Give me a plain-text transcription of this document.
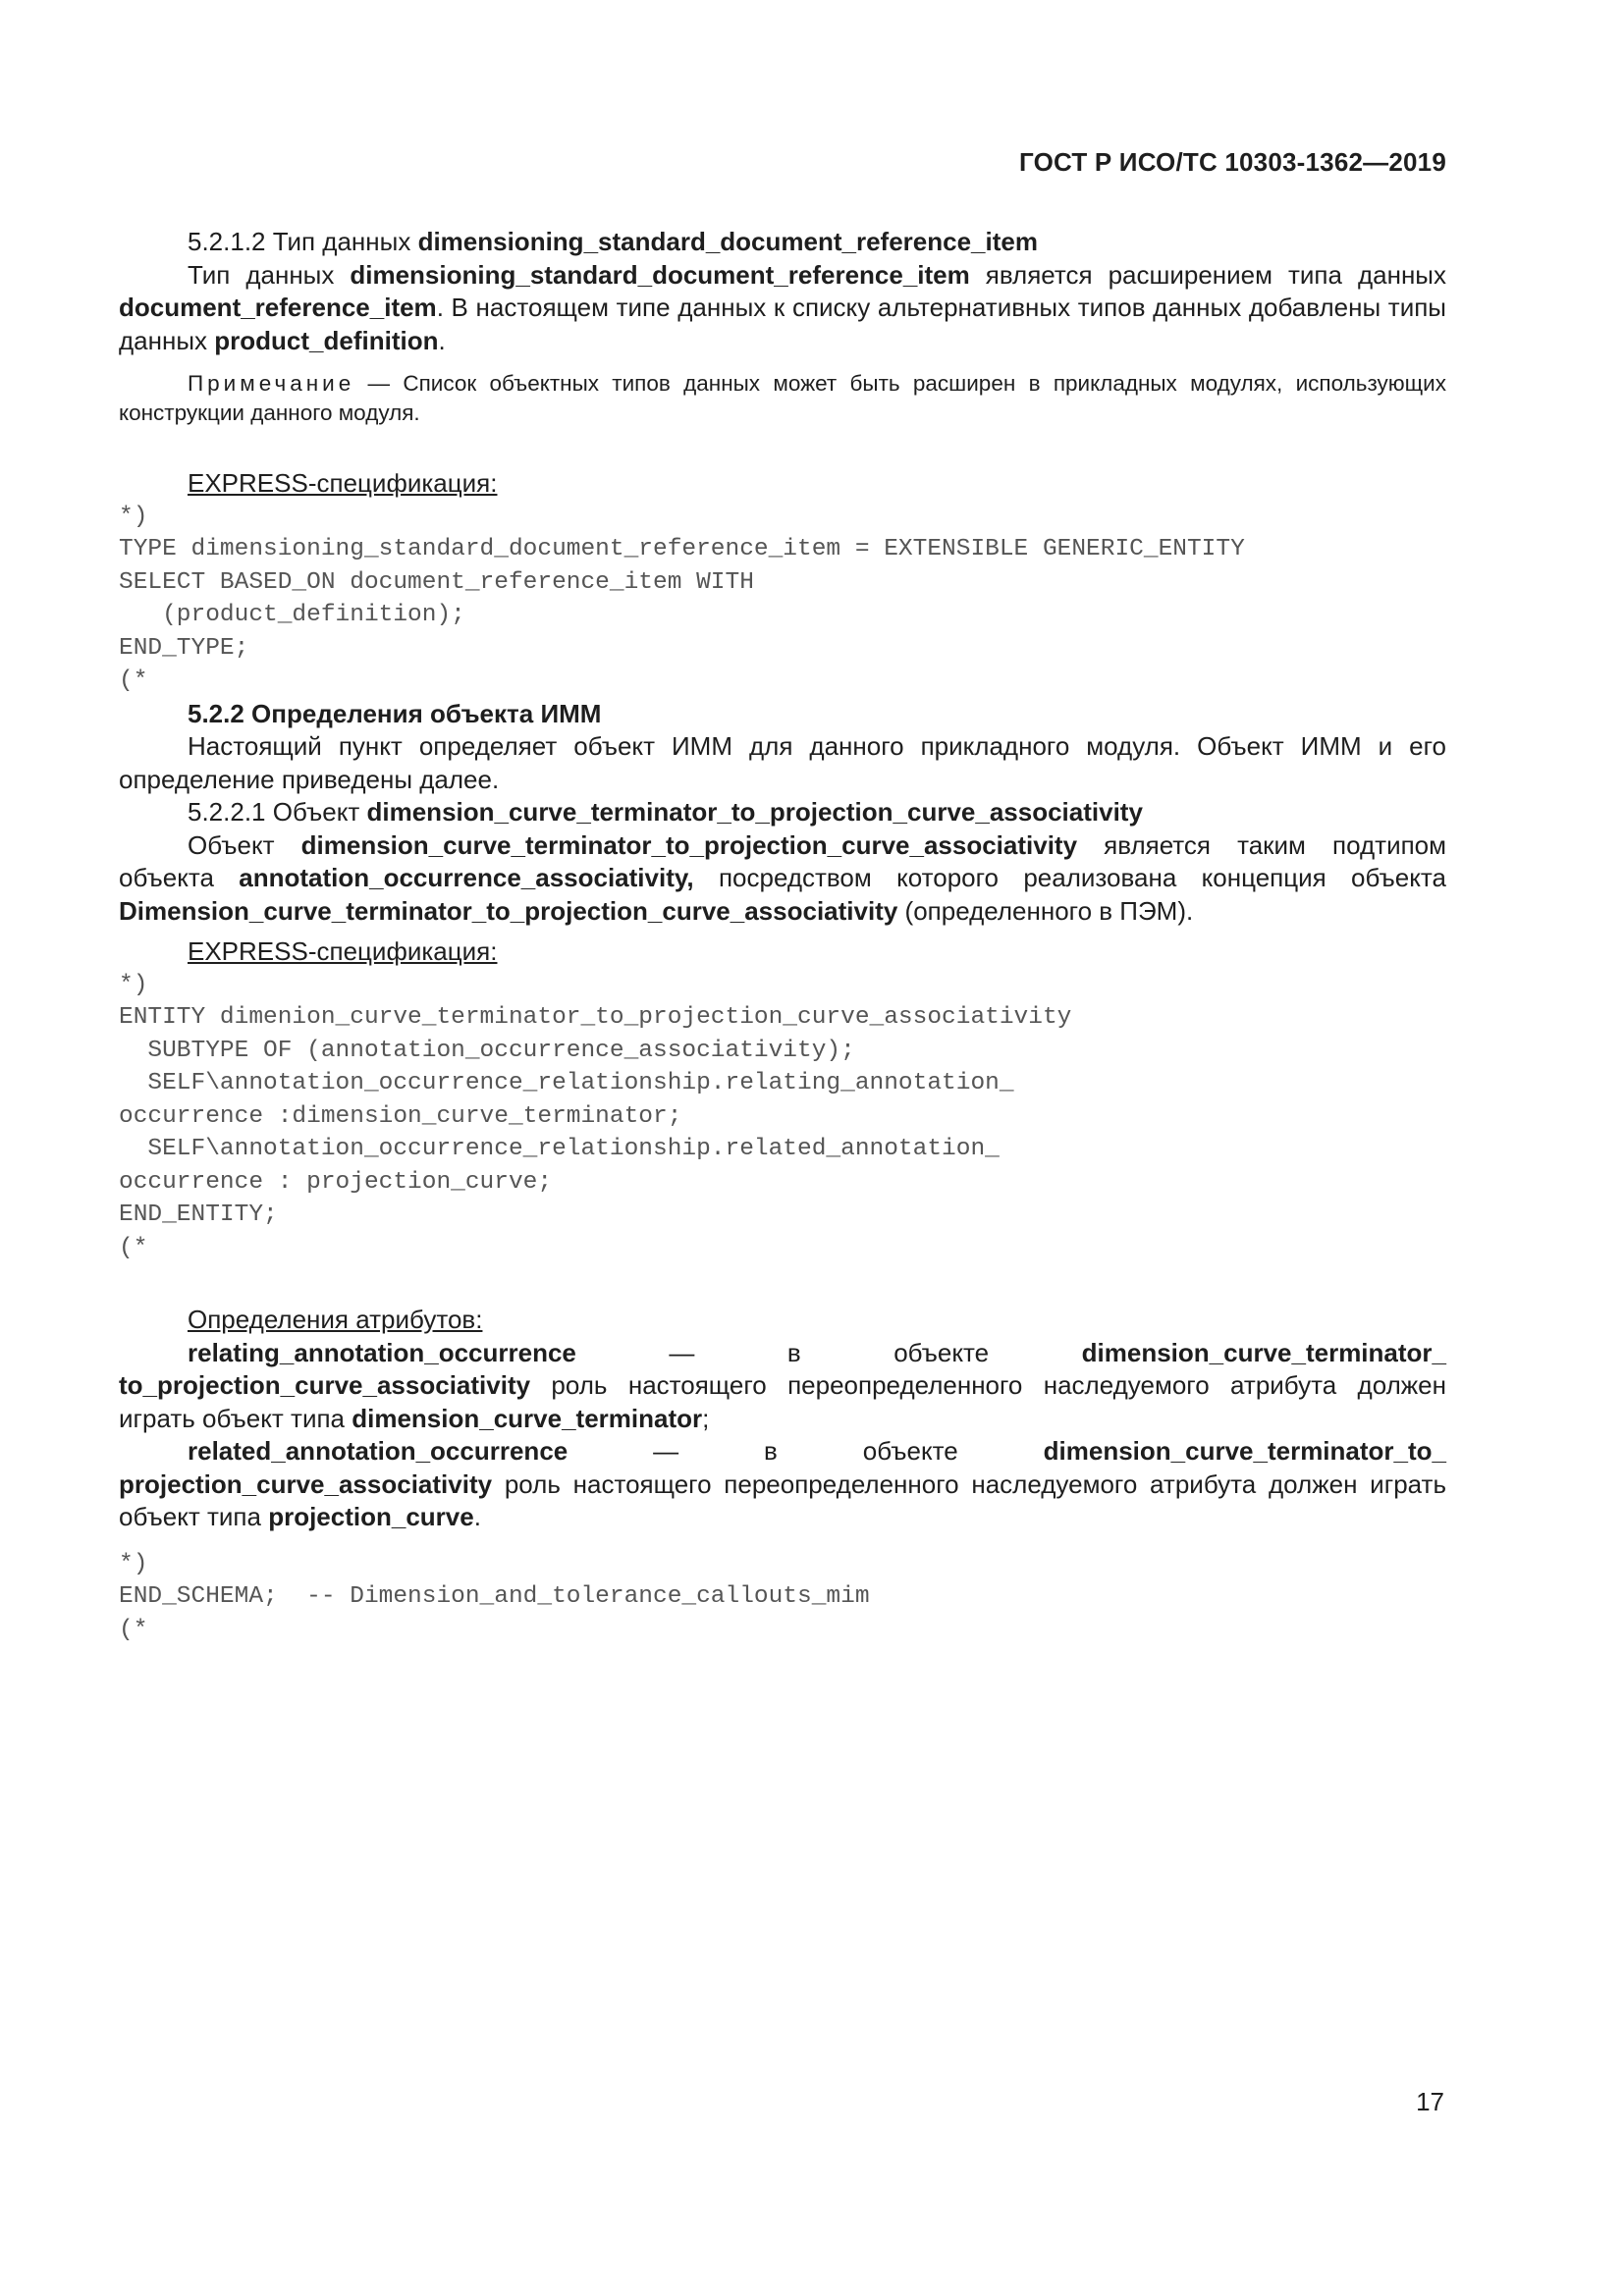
ГОСТ Р ИСО/ТС 10303-1362—2019

5.2.1.2 Тип данных dimensioning_standard_document_reference_item

Тип данных dimensioning_standard_document_reference_item является расширением типа данных document_reference_item. В настоящем типе данных к списку альтернативных типов данных добавлены типы данных product_definition.

Примечание — Список объектных типов данных может быть расширен в прикладных модулях, использующих конструкции данного модуля.

EXPRESS-спецификация:

*)
TYPE dimensioning_standard_document_reference_item = EXTENSIBLE GENERIC_ENTITY
SELECT BASED_ON document_reference_item WITH
(product_definition);
END_TYPE;
(*

5.2.2 Определения объекта ИММ

Настоящий пункт определяет объект ИММ для данного прикладного модуля. Объект ИММ и его определение приведены далее.

5.2.2.1 Объект dimension_curve_terminator_to_projection_curve_associativity

Объект dimension_curve_terminator_to_projection_curve_associativity является таким подтипом объекта annotation_occurrence_associativity, посредством которого реализована концепция объекта Dimension_curve_terminator_to_projection_curve_associativity (определенного в ПЭМ).

EXPRESS-спецификация:

*)
ENTITY dimenion_curve_terminator_to_projection_curve_associativity
SUBTYPE OF (annotation_occurrence_associativity);
SELF\annotation_occurrence_relationship.relating_annotation_
occurrence :dimension_curve_terminator;
SELF\annotation_occurrence_relationship.related_annotation_
occurrence : projection_curve;
END_ENTITY;
(*

Определения атрибутов:

relating_annotation_occurrence — в объекте dimension_curve_terminator_ to_projection_curve_associativity роль настоящего переопределенного наследуемого атрибута должен играть объект типа dimension_curve_terminator;

related_annotation_occurrence — в объекте dimension_curve_terminator_to_ projection_curve_associativity роль настоящего переопределенного наследуемого атрибута должен играть объект типа projection_curve.

*)
END_SCHEMA;  -- Dimension_and_tolerance_callouts_mim
(*
17
